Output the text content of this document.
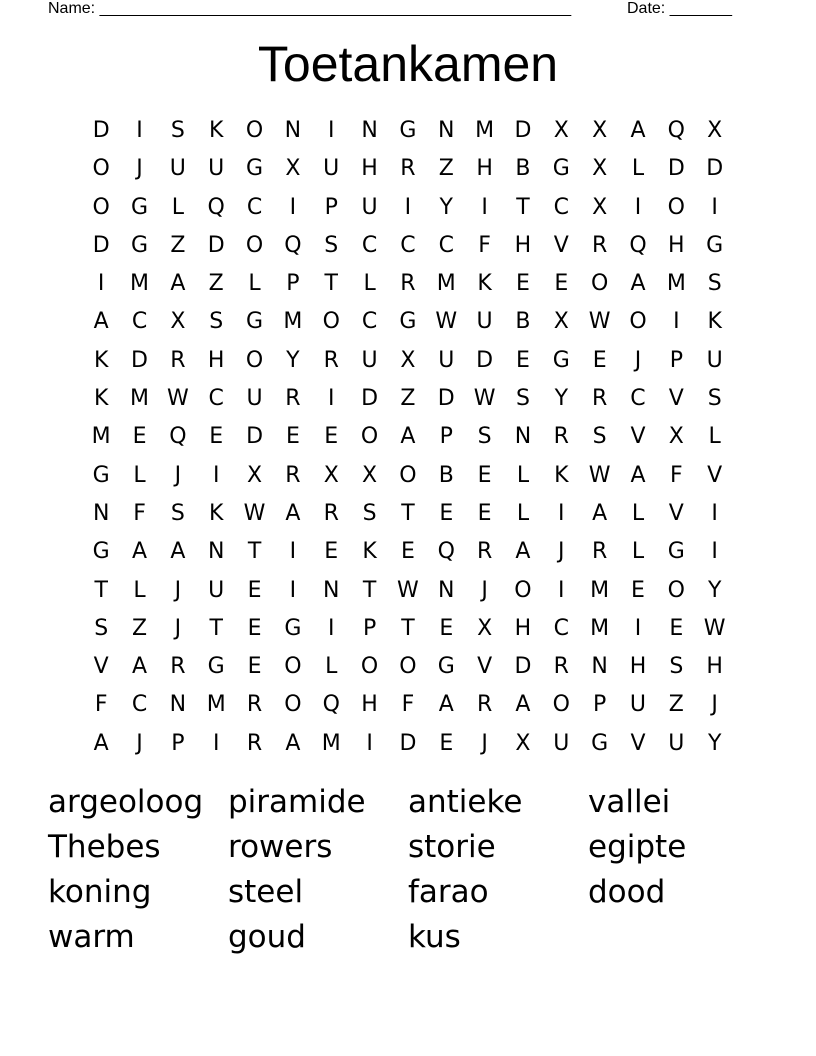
Name: _____________________________________________________	Date: _______
Toetankamen
D	I	S	K	O N	I	N G N M D	X	X	A	Q	X
O	J	U	U G	X	U	H	R	Z	H	B	G	X	L	D D
O G	L	Q	C	I	P	U	I	Y	I	T	C	X	I	O	I
D G	Z	D O Q	S	C	C	C	F	H	V	R	Q H G
I	M A	Z	L	P	T	L	R M K	E	E	O	A M S
A	C	X	S	G M O	C	G W U	B	X W O	I	K
K	D	R	H O	Y	R	U	X	U D	E	G	E	J	P	U
K M W C	U	R	I	D	Z	D W S	Y	R	C	V	S
M E	Q	E	D	E	E	O	A	P	S	N	R	S	V	X	L
G	L	J	I	X	R	X	X	O	B	E	L	K W A	F	V
N	F	S	K W A	R	S	T	E	E	L	I	A	L	V	I
G	A	A	N	T	I	E	K	E	Q	R	A	J	R	L	G	I
T	L	J	U	E	I	N	T W N	J	O	I	M E	O	Y
S	Z	J	T	E	G	I	P	T	E	X	H	C M	I	E W
V	A	R	G	E	O	L	O O G	V	D	R	N H	S	H
F	C	N M R	O Q H	F	A	R	A	O	P	U	Z	J
A	J	P	I	R	A M	I	D	E	J	X	U G	V	U	Y
argeoloog piramide	antieke	vallei
Thebes	rowers	storie	egipte
koning	steel	farao	dood
warm	goud	kus
